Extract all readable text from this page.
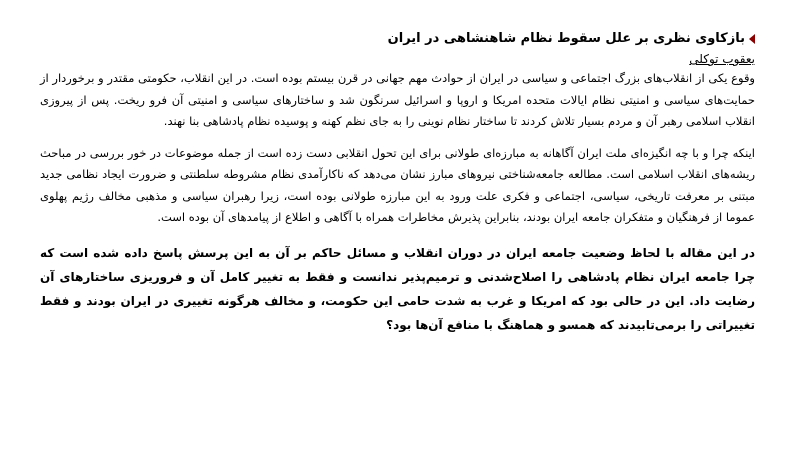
بازکاوی نظری بر علل سقوط نظام شاهنشاهی در ایران
یعقوب توکلی

وقوع یکی از انقلاب‌های بزرگ اجتماعی و سیاسی در ایران از حوادث مهم جهانی در قرن بیستم بوده است. در این انقلاب، حکومتی مقتدر و برخوردار از حمایت‌های سیاسی و امنیتی نظام ایالات متحده امریکا و اروپا و اسرائیل سرنگون شد و ساختارهای سیاسی و امنیتی آن فرو ریخت. پس از پیروزی انقلاب اسلامی رهبر آن و مردم بسیار تلاش کردند تا ساختار نظام نوینی را به جای نظم کهنه و پوسیده نظام پادشاهی بنا نهند.

اینکه چرا و با چه انگیزه‌ای ملت ایران آگاهانه به مبارزه‌ای طولانی برای این تحول انقلابی دست زده است از جمله موضوعات در خور بررسی در مباحث ریشه‌های انقلاب اسلامی است. مطالعه جامعه‌شناختی نیروهای مبارز نشان می‌دهد که ناکارآمدی نظام مشروطه سلطنتی و ضرورت ایجاد نظامی جدید مبتنی بر معرفت تاریخی، سیاسی، اجتماعی و فکری علت ورود به این مبارزه طولانی بوده است، زیرا رهبران سیاسی و مذهبی مخالف رژیم پهلوی عموما از فرهنگیان و متفکران جامعه ایران بودند، بنابراین پذیرش مخاطرات همراه با آگاهی و اطلاع از پیامدهای آن بوده است.

در این مقاله با لحاظ وضعیت جامعه ایران در دوران انقلاب و مسائل حاکم بر آن به این پرسش پاسخ داده شده است که چرا جامعه ایران نظام پادشاهی را اصلاح‌شدنی و ترمیم‌پذیر ندانست و فقط به تغییر کامل آن و فروریزی ساختارهای آن رضایت داد. این در حالی بود که امریکا و غرب به شدت حامی این حکومت، و مخالف هرگونه تغییری در ایران بودند و فقط تغییراتی را برمی‌تابیدند که همسو و هماهنگ با منافع آن‌ها بود؟
